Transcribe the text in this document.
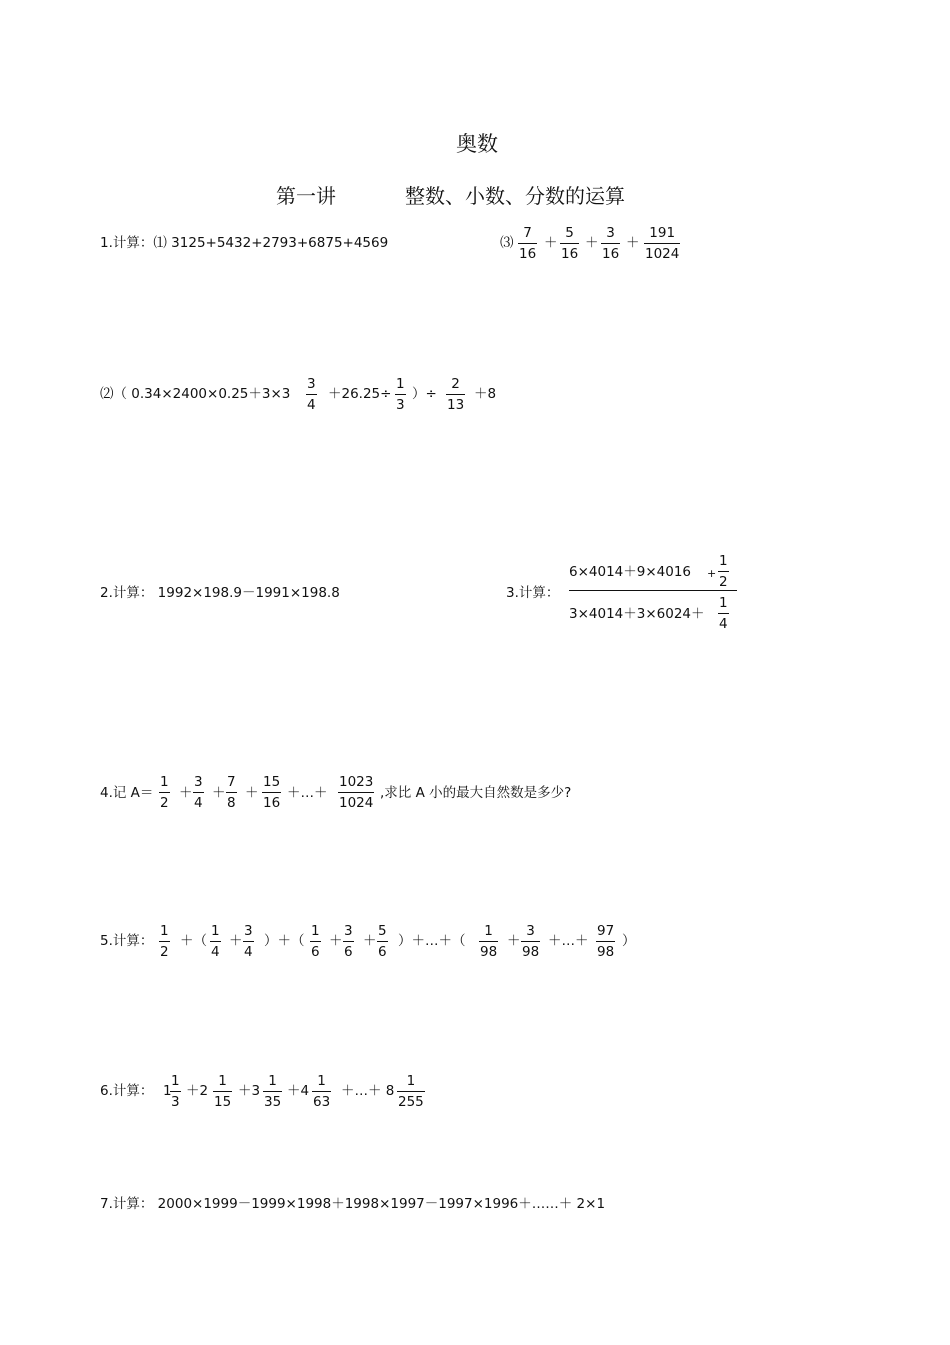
奥数
第一讲	整数、小数、分数的运算
1.计算：⑴ 3125+5432+2793+6875+4569	⑶ $\frac{7}{16} + \frac{5}{16} + \frac{3}{16} + \frac{191}{1024}$
⑵（ $0.34\times 2400\times 0.25+3\times 3 \frac{3}{4} +26.25\div \frac{1}{3}$ ）÷ $\frac{2}{13} +8$
2.计算： 1992×198.9－1991×198.8	3.计算：
$6\times 4014+9\times 4016 + \frac{1}{2}$
$3\times 4014+3\times 6024+ \frac{1}{4}$
4.记 $A= \frac{1}{2} + \frac{3}{4} + \frac{7}{8} + \frac{15}{16}$ ＋…＋ $\frac{1023}{1024}$ ,求比 A 小的最大自然数是多少?
5.计算： $\frac{1}{2}$ ＋（ $\frac{1}{4} + \frac{3}{4}$ ）＋（ $\frac{1}{6} + \frac{3}{6} + \frac{5}{6}$ ）＋…＋（ $\frac{1}{98} + \frac{3}{98}$ ＋…＋ $\frac{97}{98}$ ）
6.计算： 1
$\frac{1}{3} +2 \frac{1}{15} +3 \frac{1}{35} +4 \frac{1}{63}$ ＋…＋ $8 \frac{1}{255}$
7.计算： 2000×1999－1999×1998＋1998×1997－1997×1996＋……＋ 2×1
